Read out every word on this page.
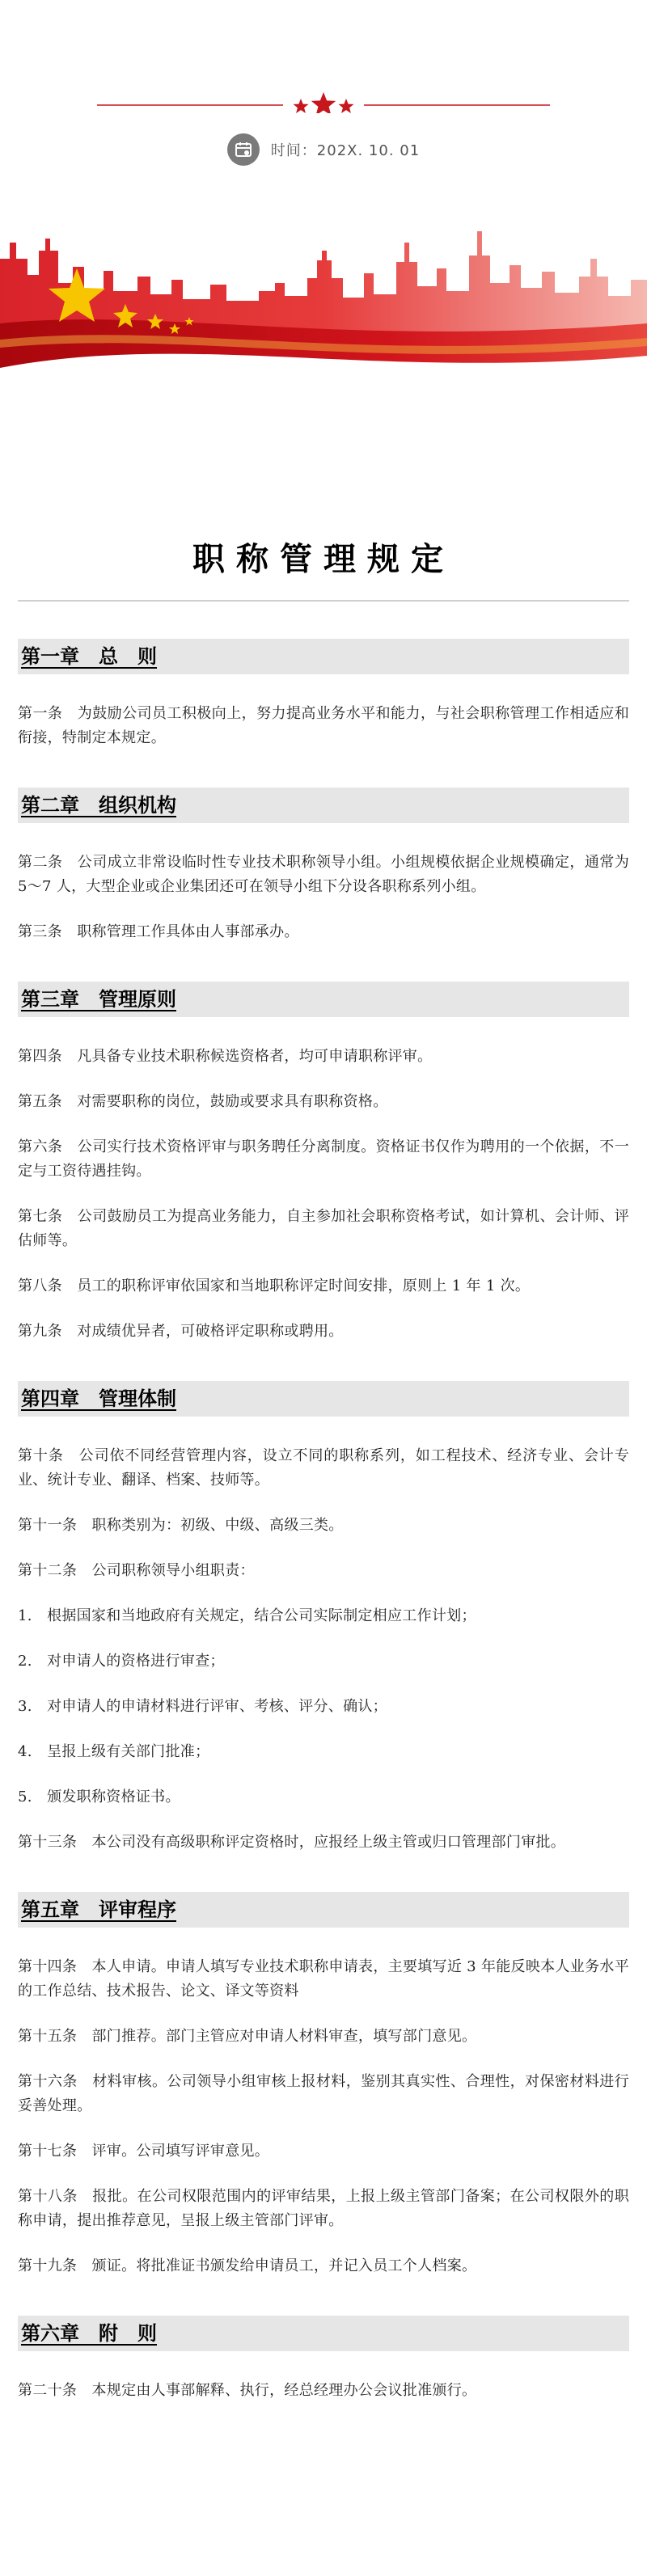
时间：202X. 10. 01
职称管理规定
第一章　总　则

第一条　为鼓励公司员工积极向上，努力提高业务水平和能力，与社会职称管理工作相适应和衔接，特制定本规定。

第二章　组织机构

第二条　公司成立非常设临时性专业技术职称领导小组。小组规模依据企业规模确定，通常为 5～7 人，大型企业或企业集团还可在领导小组下分设各职称系列小组。

第三条　职称管理工作具体由人事部承办。

第三章　管理原则

第四条　凡具备专业技术职称候选资格者，均可申请职称评审。

第五条　对需要职称的岗位，鼓励或要求具有职称资格。

第六条　公司实行技术资格评审与职务聘任分离制度。资格证书仅作为聘用的一个依据，不一定与工资待遇挂钩。

第七条　公司鼓励员工为提高业务能力，自主参加社会职称资格考试，如计算机、会计师、评估师等。

第八条　员工的职称评审依国家和当地职称评定时间安排，原则上 1 年 1 次。

第九条　对成绩优异者，可破格评定职称或聘用。

第四章　管理体制

第十条　公司依不同经营管理内容，设立不同的职称系列，如工程技术、经济专业、会计专业、统计专业、翻译、档案、技师等。

第十一条　职称类别为：初级、中级、高级三类。

第十二条　公司职称领导小组职责：

1.　根据国家和当地政府有关规定，结合公司实际制定相应工作计划；

2.　对申请人的资格进行审查；

3.　对申请人的申请材料进行评审、考核、评分、确认；

4.　呈报上级有关部门批准；

5.　颁发职称资格证书。

第十三条　本公司没有高级职称评定资格时，应报经上级主管或归口管理部门审批。

第五章　评审程序

第十四条　本人申请。申请人填写专业技术职称申请表，主要填写近 3 年能反映本人业务水平的工作总结、技术报告、论文、译文等资料

第十五条　部门推荐。部门主管应对申请人材料审查，填写部门意见。

第十六条　材料审核。公司领导小组审核上报材料，鉴别其真实性、合理性，对保密材料进行妥善处理。

第十七条　评审。公司填写评审意见。

第十八条　报批。在公司权限范围内的评审结果，上报上级主管部门备案；在公司权限外的职称申请，提出推荐意见，呈报上级主管部门评审。

第十九条　颁证。将批准证书颁发给申请员工，并记入员工个人档案。

第六章　附　则

第二十条　本规定由人事部解释、执行，经总经理办公会议批准颁行。
